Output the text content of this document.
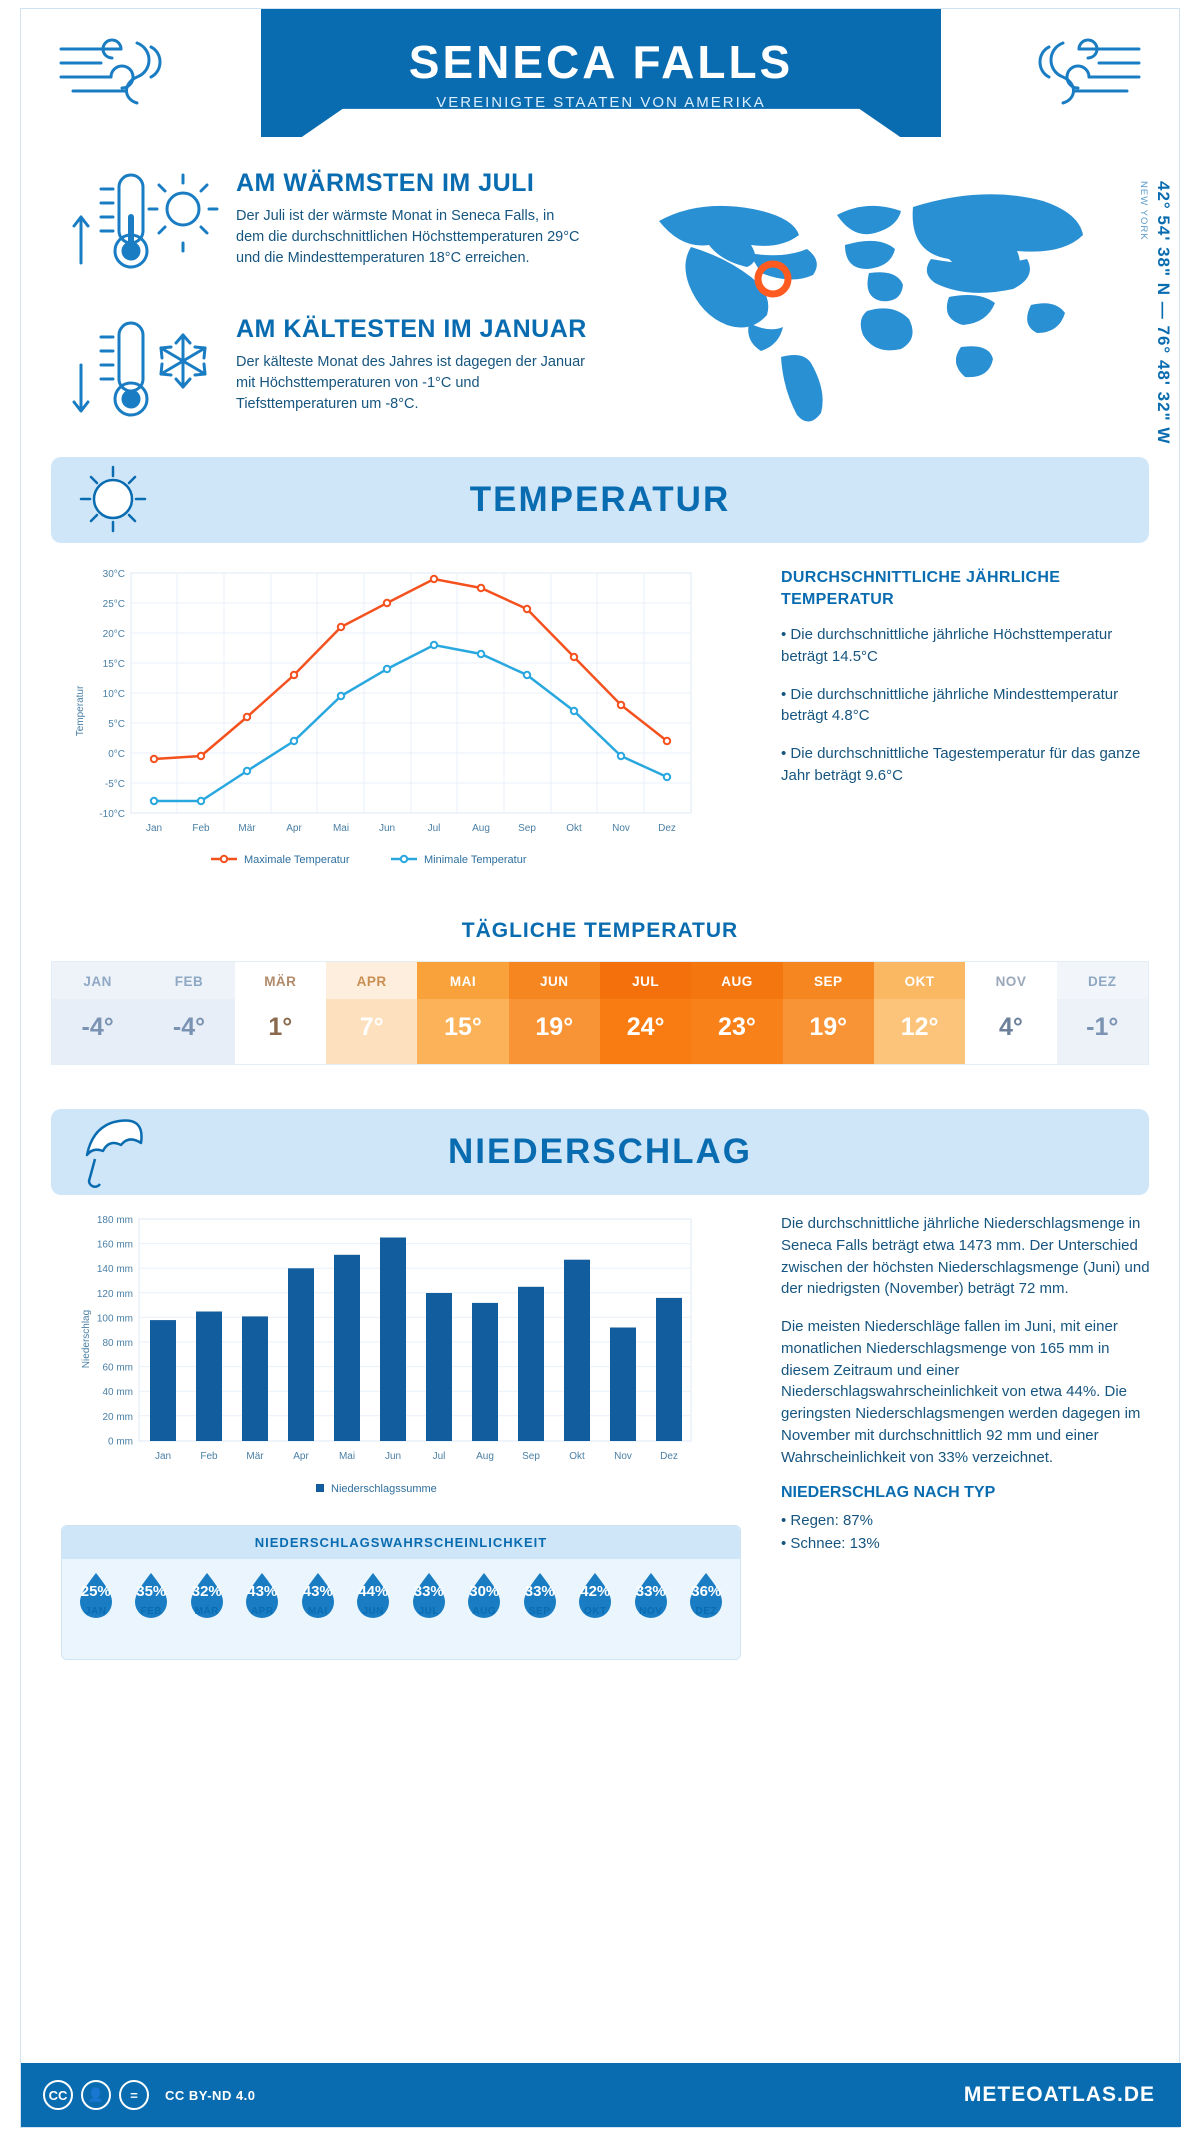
SENECA FALLS
VEREINIGTE STAATEN VON AMERIKA
AM WÄRMSTEN IM JULI
Der Juli ist der wärmste Monat in Seneca Falls, in dem die durchschnittlichen Höchsttemperaturen 29°C und die Mindesttemperaturen 18°C erreichen.
AM KÄLTESTEN IM JANUAR
Der kälteste Monat des Jahres ist dagegen der Januar mit Höchsttemperaturen von -1°C und Tiefsttemperaturen um -8°C.	42° 54' 38" N — 76° 48' 32" W
NEW YORK
TEMPERATUR
30°C
25°C
20°C
15°C
10°C
5°C
0°C
-5°C
-10°C
Temperatur
Jan	Feb	Mär	Apr	Mai	Jun	Jul	Aug	Sep	Okt	Nov	Dez
Maximale Temperatur	Minimale Temperatur
DURCHSCHNITTLICHE JÄHRLICHE TEMPERATUR
• Die durchschnittliche jährliche Höchsttemperatur beträgt 14.5°C
• Die durchschnittliche jährliche Mindesttemperatur beträgt 4.8°C
• Die durchschnittliche Tagestemperatur für das ganze Jahr beträgt 9.6°C
TÄGLICHE TEMPERATUR
JAN
-4°
FEB
-4°
MÄR
1°
APR
7°
MAI
15°
JUN
19°
JUL
24°
AUG
23°
SEP
19°
OKT
12°
NOV
4°
DEZ
-1°
NIEDERSCHLAG
180 mm
160 mm
140 mm
120 mm
100 mm
80 mm
60 mm
40 mm
20 mm
0 mm
Niederschlag
Jan	Feb	Mär	Apr	Mai	Jun	Jul	Aug	Sep	Okt	Nov	Dez
Niederschlagssumme

Die durchschnittliche jährliche Niederschlagsmenge in Seneca Falls beträgt etwa 1473 mm. Der Unterschied zwischen der höchsten Niederschlagsmenge (Juni) und der niedrigsten (November) beträgt 72 mm.

Die meisten Niederschläge fallen im Juni, mit einer monatlichen Niederschlagsmenge von 165 mm in diesem Zeitraum und einer Niederschlagswahrscheinlichkeit von etwa 44%. Die geringsten Niederschlagsmengen werden dagegen im November mit durchschnittlich 92 mm und einer Wahrscheinlichkeit von 33% verzeichnet.

NIEDERSCHLAG NACH TYP
• Regen: 87%
• Schnee: 13%
NIEDERSCHLAGSWAHRSCHEINLICHKEIT
25%
JAN
35%
FEB
32%
MÄR
43%
APR
43%
MAI
44%
JUN
33%
JUL
30%
AUG
33%
SEP
42%
OKT
33%
NOV
36%
DEZ
CC	👤	=	CC BY-ND 4.0	METEOATLAS.DE
